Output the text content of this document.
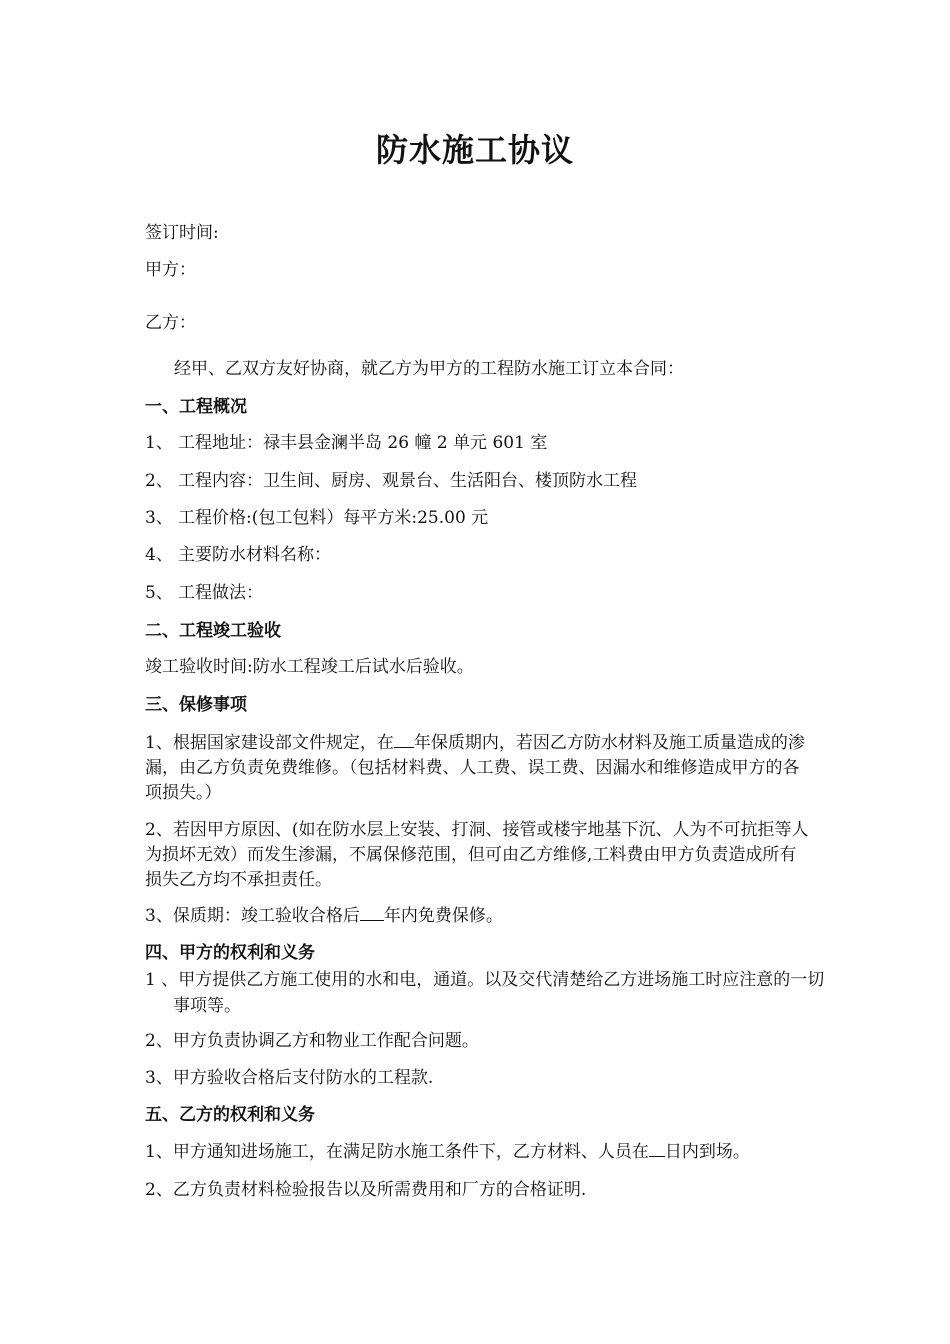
防水施工协议
签订时间:
甲方：
乙方：
经甲、乙双方友好协商，就乙方为甲方的工程防水施工订立本合同：
一、工程概况
1、 工程地址：禄丰县金澜半岛 26 幢 2 单元 601 室
2、 工程内容：卫生间、厨房、观景台、生活阳台、楼顶防水工程
3、 工程价格:(包工包料）每平方米:25.00 元
4、 主要防水材料名称：
5、 工程做法：
二、工程竣工验收
竣工验收时间:防水工程竣工后试水后验收。
三、保修事项
1、根据国家建设部文件规定，在 年保质期内，若因乙方防水材料及施工质量造成的渗漏，由乙方负责免费维修。（包括材料费、人工费、误工费、因漏水和维修造成甲方的各项损失。）
2、若因甲方原因、(如在防水层上安装、打洞、接管或楼宇地基下沉、人为不可抗拒等人为损坏无效）而发生渗漏，不属保修范围，但可由乙方维修,工料费由甲方负责造成所有损失乙方均不承担责任。
3、保质期：竣工验收合格后 年内免费保修。
四、甲方的权利和义务
1 、甲方提供乙方施工使用的水和电，通道。以及交代清楚给乙方进场施工时应注意的一切事项等。
2、甲方负责协调乙方和物业工作配合问题。
3、甲方验收合格后支付防水的工程款.
五、乙方的权利和义务
1、甲方通知进场施工，在满足防水施工条件下，乙方材料、人员在 日内到场。
2、乙方负责材料检验报告以及所需费用和厂方的合格证明.
